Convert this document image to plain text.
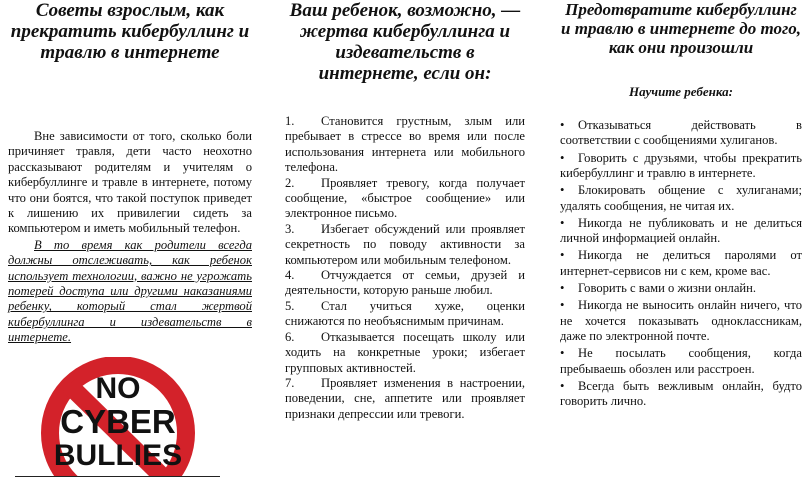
Советы взрослым, как прекратить кибербуллинг и травлю в интернете

Вне зависимости от того, сколько боли причиняет травля, дети часто неохотно рассказывают родителям и учителям о кибербуллинге и травле в интернете, потому что они боятся, что такой поступок приведет к лишению их привилегии сидеть за компьютером и иметь мобильный телефон.

В то время как родители всегда должны отслеживать, как ребенок использует технологии, важно не угрожать потерей доступа или другими наказаниями ребенку, который стал жертвой кибербуллинга и издевательств в интернете.

NO
CYBER
BULLIES
Ваш ребенок, возможно, — жертва кибербуллинга и издевательств в интернете, если он:
1. Становится грустным, злым или пребывает в стрессе во время или после использования интернета или мобильного телефона.
2. Проявляет тревогу, когда получает сообщение, «быстрое сообщение» или электронное письмо.
3. Избегает обсуждений или проявляет секретность по поводу активности за компьютером или мобильным телефоном.
4. Отчуждается от семьи, друзей и деятельности, которую раньше любил.
5. Стал учиться хуже, оценки снижаются по необъяснимым причинам.
6. Отказывается посещать школу или ходить на конкретные уроки; избегает групповых активностей.
7. Проявляет изменения в настроении, поведении, сне, аппетите или проявляет признаки депрессии или тревоги.
Предотвратите кибербуллинг и травлю в интернете до того, как они произошли
Научите ребенка:
• Отказываться действовать в соответствии с сообщениями хулиганов.
• Говорить с друзьями, чтобы прекратить кибербуллинг и травлю в интернете.
• Блокировать общение с хулиганами; удалять сообщения, не читая их.
• Никогда не публиковать и не делиться личной информацией онлайн.
• Никогда не делиться паролями от интернет-сервисов ни с кем, кроме вас.
• Говорить с вами о жизни онлайн.
• Никогда не выносить онлайн ничего, что не хочется показывать одноклассникам, даже по электронной почте.
• Не посылать сообщения, когда пребываешь обозлен или расстроен.
• Всегда быть вежливым онлайн, будто говорить лично.
